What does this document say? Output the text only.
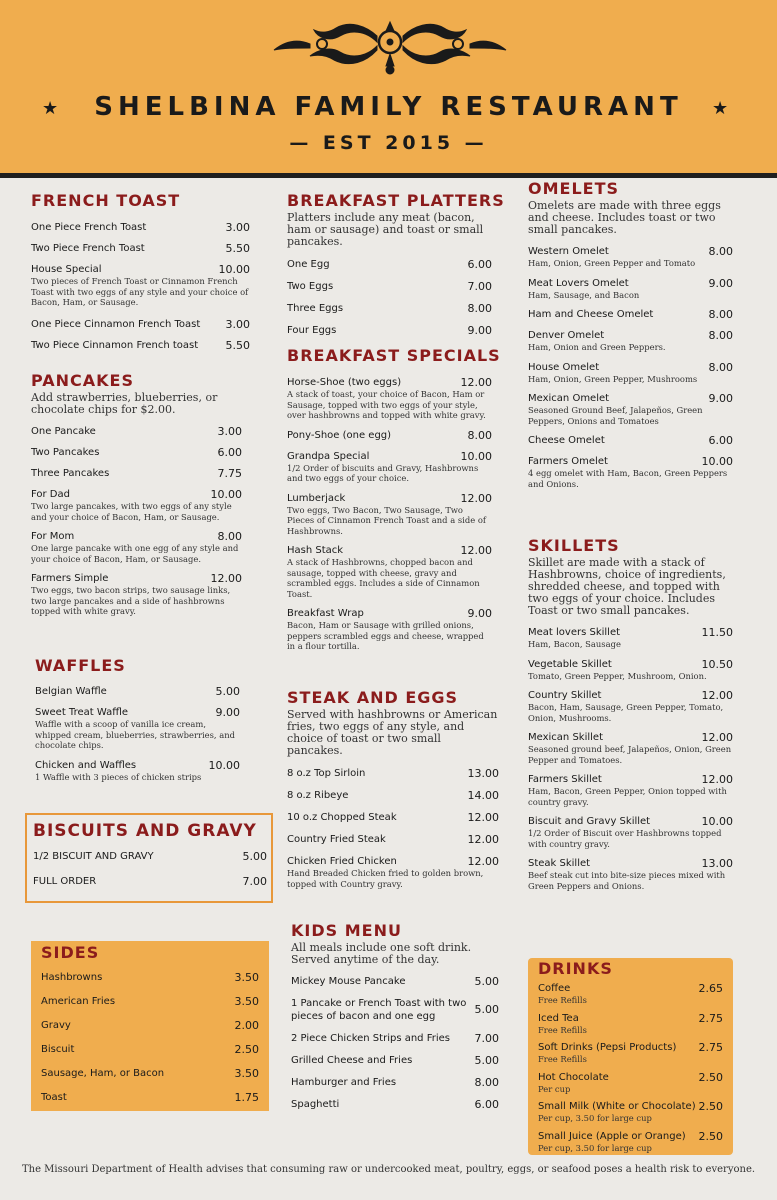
★	SHELBINA FAMILY RESTAURANT	★
— EST 2015 —
FRENCH TOAST
One Piece French Toast	3.00
Two Piece French Toast	5.50
House Special	10.00
Two pieces of French Toast or Cinnamon French Toast with two eggs of any style and your choice of Bacon, Ham, or Sausage.
One Piece Cinnamon French Toast	3.00
Two Piece Cinnamon French toast	5.50
PANCAKES
Add strawberries, blueberries, or chocolate chips for $2.00.
One Pancake	3.00
Two Pancakes	6.00
Three Pancakes	7.75
For Dad	10.00
Two large pancakes, with two eggs of any style and your choice of Bacon, Ham, or Sausage.
For Mom	8.00
One large pancake with one egg of any style and your choice of Bacon, Ham, or Sausage.
Farmers Simple	12.00
Two eggs, two bacon strips, two sausage links, two large pancakes and a side of hashbrowns topped with white gravy.
WAFFLES
Belgian Waffle	5.00
Sweet Treat Waffle	9.00
Waffle with a scoop of vanilla ice cream, whipped cream, blueberries, strawberries, and chocolate chips.
Chicken and Waffles	10.00
1 Waffle with 3 pieces of chicken strips
BISCUITS AND GRAVY
1/2 BISCUIT AND GRAVY	5.00
FULL ORDER	7.00
SIDES
Hashbrowns	3.50
American Fries	3.50
Gravy	2.00
Biscuit	2.50
Sausage, Ham, or Bacon	3.50
Toast	1.75
BREAKFAST PLATTERS
Platters include any meat (bacon, ham or sausage) and toast or small pancakes.
One Egg	6.00
Two Eggs	7.00
Three Eggs	8.00
Four Eggs	9.00
BREAKFAST SPECIALS
Horse-Shoe (two eggs)	12.00
A stack of toast, your choice of Bacon, Ham or Sausage, topped with two eggs of your style, over hashbrowns and topped with white gravy.
Pony-Shoe (one egg)	8.00
Grandpa Special	10.00
1/2 Order of biscuits and Gravy, Hashbrowns and two eggs of your choice.
Lumberjack	12.00
Two eggs, Two Bacon, Two Sausage, Two Pieces of Cinnamon French Toast and a side of Hashbrowns.
Hash Stack	12.00
A stack of Hashbrowns, chopped bacon and sausage, topped with cheese, gravy and scrambled eggs. Includes a side of Cinnamon Toast.
Breakfast Wrap	9.00
Bacon, Ham or Sausage with grilled onions, peppers scrambled eggs and cheese, wrapped in a flour tortilla.
STEAK AND EGGS
Served with hashbrowns or American fries, two eggs of any style, and choice of toast or two small pancakes.
8 o.z Top Sirloin	13.00
8 o.z Ribeye	14.00
10 o.z Chopped Steak	12.00
Country Fried Steak	12.00
Chicken Fried Chicken	12.00
Hand Breaded Chicken fried to golden brown, topped with Country gravy.
KIDS MENU
All meals include one soft drink. Served anytime of the day.
Mickey Mouse Pancake	5.00
1 Pancake or French Toast with two pieces of bacon and one egg
5.00
2 Piece Chicken Strips and Fries	7.00
Grilled Cheese and Fries	5.00
Hamburger and Fries	8.00
Spaghetti	6.00
OMELETS
Omelets are made with three eggs and cheese. Includes toast or two small pancakes.
Western Omelet	8.00
Ham, Onion, Green Pepper and Tomato
Meat Lovers Omelet	9.00
Ham, Sausage, and Bacon
Ham and Cheese Omelet	8.00
Denver Omelet	8.00
Ham, Onion and Green Peppers.
House Omelet	8.00
Ham, Onion, Green Pepper, Mushrooms
Mexican Omelet	9.00
Seasoned Ground Beef, Jalapeños, Green Peppers, Onions and Tomatoes
Cheese Omelet	6.00
Farmers Omelet	10.00
4 egg omelet with Ham, Bacon, Green Peppers and Onions.
SKILLETS
Skillet are made with a stack of Hashbrowns, choice of ingredients, shredded cheese, and topped with two eggs of your choice. Includes Toast or two small pancakes.
Meat lovers Skillet	11.50
Ham, Bacon, Sausage
Vegetable Skillet	10.50
Tomato, Green Pepper, Mushroom, Onion.
Country Skillet	12.00
Bacon, Ham, Sausage, Green Pepper, Tomato, Onion, Mushrooms.
Mexican Skillet	12.00
Seasoned ground beef, Jalapeños, Onion, Green Pepper and Tomatoes.
Farmers Skillet	12.00
Ham, Bacon, Green Pepper, Onion topped with country gravy.
Biscuit and Gravy Skillet	10.00
1/2 Order of Biscuit over Hashbrowns topped with country gravy.
Steak Skillet	13.00
Beef steak cut into bite-size pieces mixed with Green Peppers and Onions.
DRINKS
Coffee	2.65
Free Refills
Iced Tea	2.75
Free Refills
Soft Drinks (Pepsi Products)	2.75
Free Refills
Hot Chocolate	2.50
Per cup
Small Milk (White or Chocolate) 2.50
Per cup, 3.50 for large cup
Small Juice (Apple or Orange)	2.50
Per cup, 3.50 for large cup
The Missouri Department of Health advises that consuming raw or undercooked meat, poultry, eggs, or seafood poses a health risk to everyone.
